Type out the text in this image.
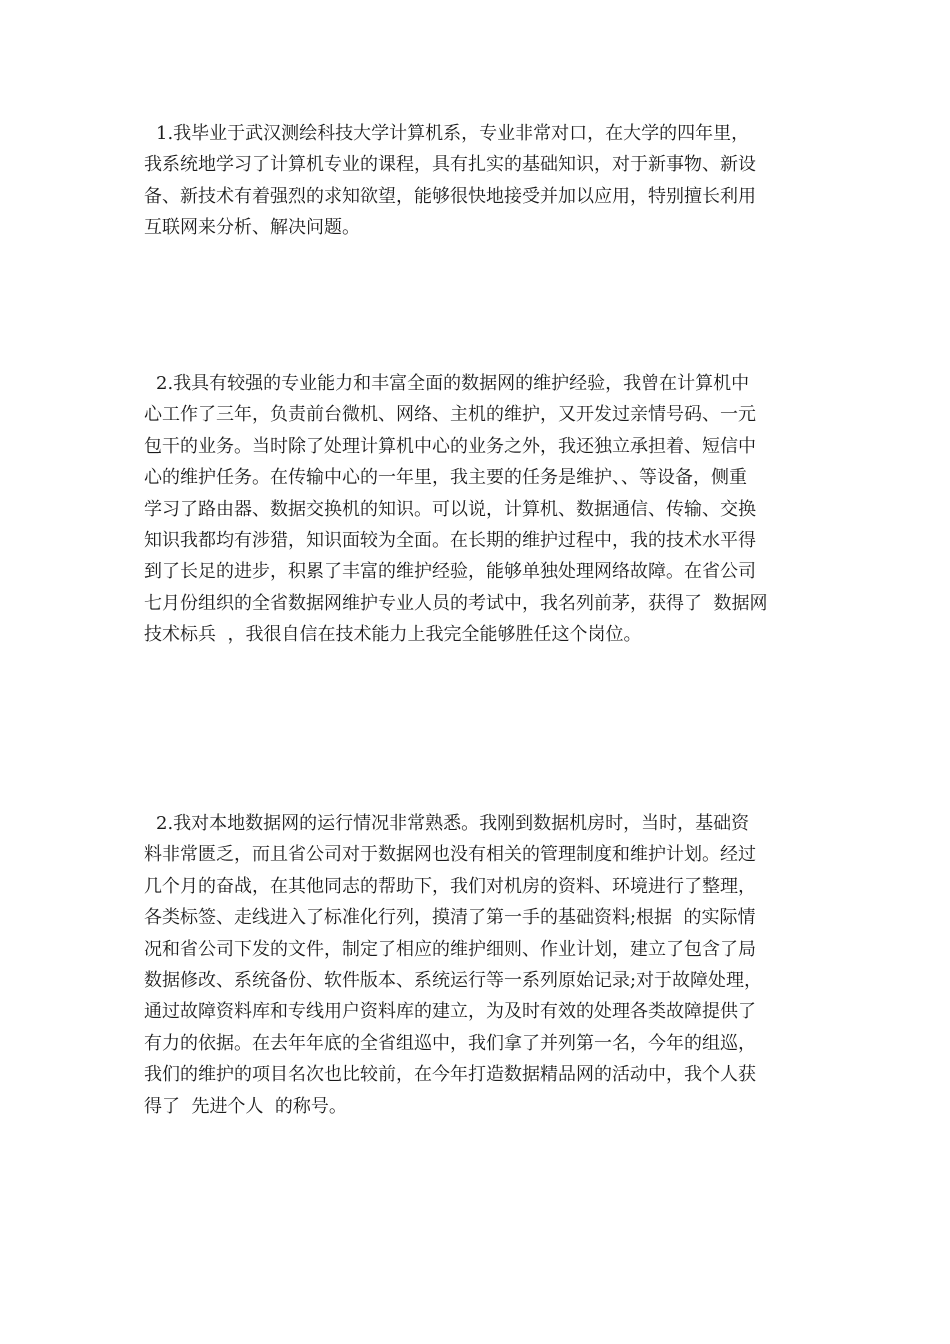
1.我毕业于武汉测绘科技大学计算机系，专业非常对口，在大学的四年里，
我系统地学习了计算机专业的课程，具有扎实的基础知识，对于新事物、新设
备、新技术有着强烈的求知欲望，能够很快地接受并加以应用，特别擅长利用
互联网来分析、解决问题。

2.我具有较强的专业能力和丰富全面的数据网的维护经验，我曾在计算机中
心工作了三年，负责前台微机、网络、主机的维护，又开发过亲情号码、一元
包干的业务。当时除了处理计算机中心的业务之外，我还独立承担着、短信中
心的维护任务。在传输中心的一年里，我主要的任务是维护、、等设备，侧重
学习了路由器、数据交换机的知识。可以说，计算机、数据通信、传输、交换
知识我都均有涉猎，知识面较为全面。在长期的维护过程中，我的技术水平得
到了长足的进步，积累了丰富的维护经验，能够单独处理网络故障。在省公司
七月份组织的全省数据网维护专业人员的考试中，我名列前茅，获得了  数据网
技术标兵  ，我很自信在技术能力上我完全能够胜任这个岗位。

2.我对本地数据网的运行情况非常熟悉。我刚到数据机房时，当时，基础资
料非常匮乏，而且省公司对于数据网也没有相关的管理制度和维护计划。经过
几个月的奋战，在其他同志的帮助下，我们对机房的资料、环境进行了整理，
各类标签、走线进入了标准化行列，摸清了第一手的基础资料;根据  的实际情
况和省公司下发的文件，制定了相应的维护细则、作业计划，建立了包含了局
数据修改、系统备份、软件版本、系统运行等一系列原始记录;对于故障处理，
通过故障资料库和专线用户资料库的建立，为及时有效的处理各类故障提供了
有力的依据。在去年年底的全省组巡中，我们拿了并列第一名，今年的组巡，
我们的维护的项目名次也比较前，在今年打造数据精品网的活动中，我个人获
得了  先进个人  的称号。
